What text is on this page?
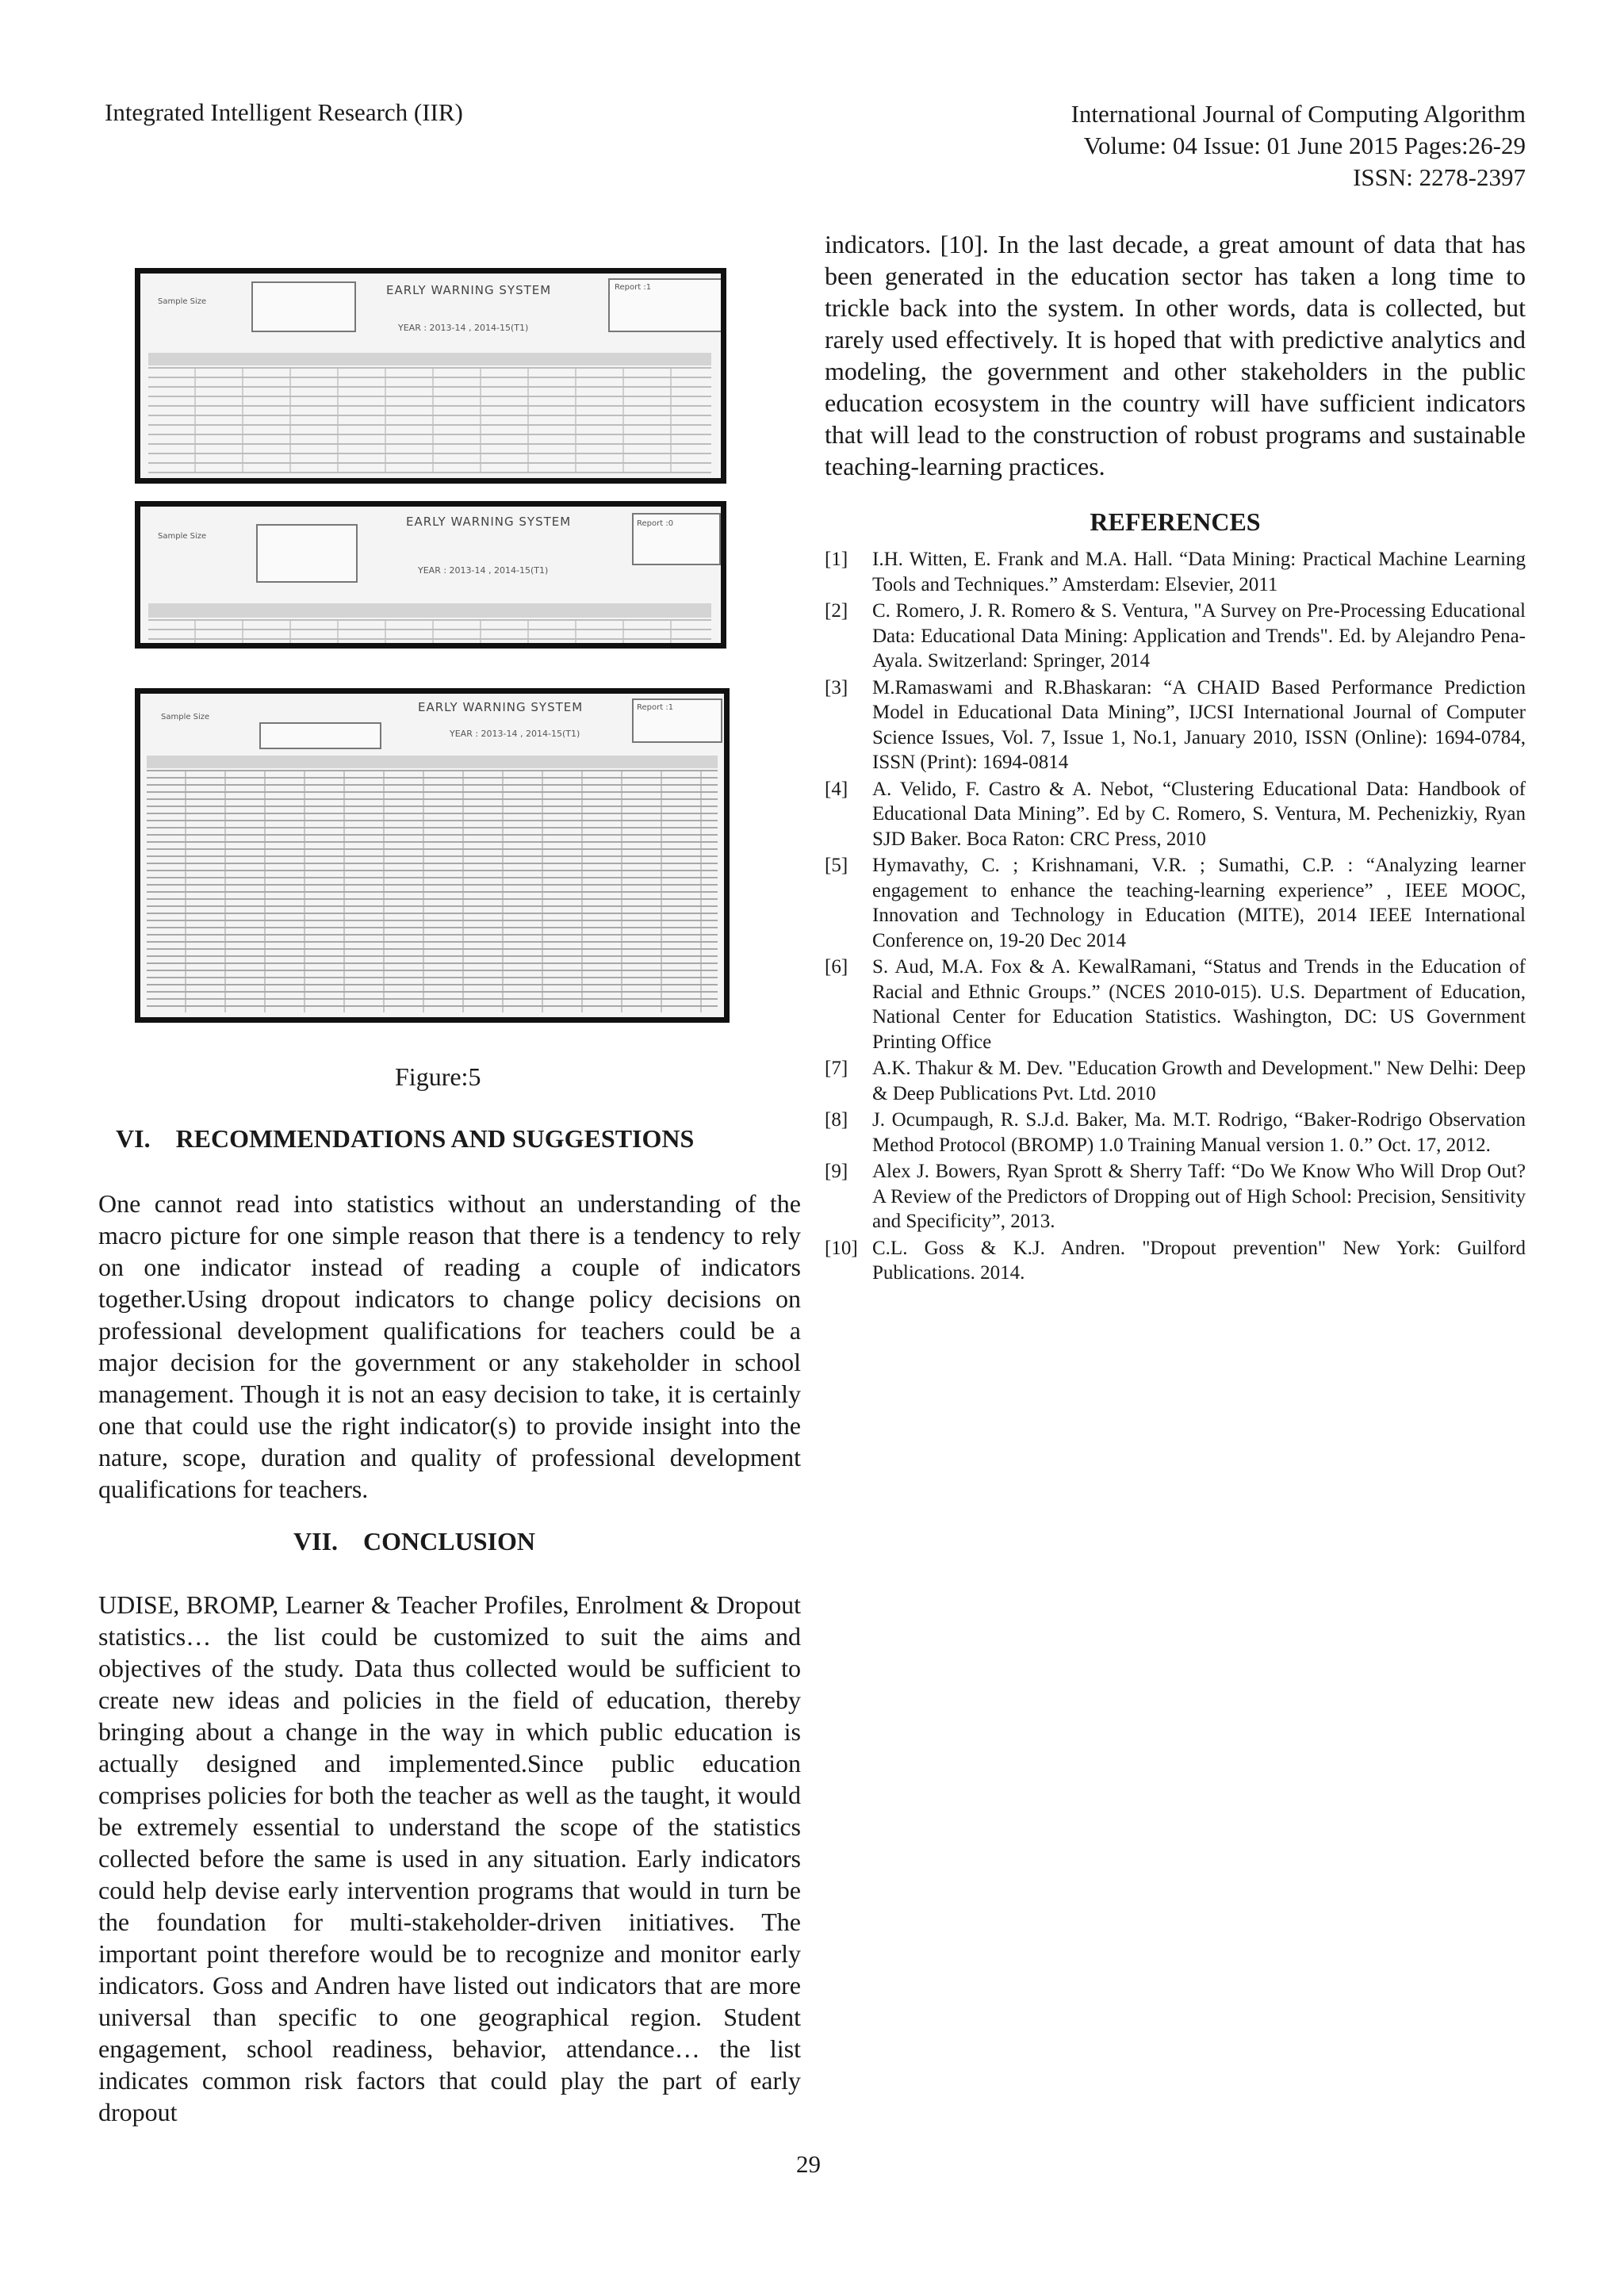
Integrated Intelligent Research (IIR)	International Journal of Computing Algorithm
Volume: 04 Issue: 01 June 2015 Pages:26-29
ISSN: 2278-2397
Sample Size
EARLY WARNING SYSTEM
YEAR : 2013-14 , 2014-15(T1)
Report :1
Sample Size
EARLY WARNING SYSTEM
YEAR : 2013-14 , 2014-15(T1)
Report :0
Sample Size
EARLY WARNING SYSTEM
YEAR : 2013-14 , 2014-15(T1)
Report :1
Figure:5
VI.    RECOMMENDATIONS AND SUGGESTIONS
One cannot read into statistics without an understanding of the macro picture for one simple reason that there is a tendency to rely on one indicator instead of reading a couple of indicators together.Using dropout indicators to change policy decisions on professional development qualifications for teachers could be a major decision for the government or any stakeholder in school management. Though it is not an easy decision to take, it is certainly one that could use the right indicator(s) to provide insight into the nature, scope, duration and quality of professional development qualifications for teachers.
VII.    CONCLUSION
UDISE, BROMP, Learner & Teacher Profiles, Enrolment & Dropout statistics… the list could be customized to suit the aims and objectives of the study. Data thus collected would be sufficient to create new ideas and policies in the field of education, thereby bringing about a change in the way in which public education is actually designed and implemented.Since public education comprises policies for both the teacher as well as the taught, it would be extremely essential to understand the scope of the statistics collected before the same is used in any situation. Early indicators could help devise early intervention programs that would in turn be the foundation for multi-stakeholder-driven initiatives. The important point therefore would be to recognize and monitor early indicators. Goss and Andren have listed out indicators that are more universal than specific to one geographical region. Student engagement, school readiness, behavior, attendance… the list indicates common risk factors that could play the part of early dropout
indicators. [10]. In the last decade, a great amount of data that has been generated in the education sector has taken a long time to trickle back into the system. In other words, data is collected, but rarely used effectively. It is hoped that with predictive analytics and modeling, the government and other stakeholders in the public education ecosystem in the country will have sufficient indicators that will lead to the construction of robust programs and sustainable teaching-learning practices.
REFERENCES
[1]	I.H. Witten, E. Frank and M.A. Hall. “Data Mining: Practical Machine Learning Tools and Techniques.” Amsterdam: Elsevier, 2011
[2]	C. Romero, J. R. Romero & S. Ventura, "A Survey on Pre-Processing Educational Data: Educational Data Mining: Application and Trends". Ed. by Alejandro Pena-Ayala. Switzerland: Springer, 2014
[3]	M.Ramaswami and R.Bhaskaran: “A CHAID Based Performance Prediction Model in Educational Data Mining”, IJCSI International Journal of Computer Science Issues, Vol. 7, Issue 1, No.1, January 2010, ISSN (Online): 1694-0784, ISSN (Print): 1694-0814
[4]	A. Velido, F. Castro & A. Nebot, “Clustering Educational Data: Handbook of Educational Data Mining”. Ed by C. Romero, S. Ventura, M. Pechenizkiy, Ryan SJD Baker. Boca Raton: CRC Press, 2010
[5]	Hymavathy, C. ; Krishnamani, V.R. ; Sumathi, C.P. : “Analyzing learner engagement to enhance the teaching-learning experience” , IEEE MOOC, Innovation and Technology in Education (MITE), 2014 IEEE International Conference on, 19-20 Dec 2014
[6]	S. Aud, M.A. Fox & A. KewalRamani, “Status and Trends in the Education of Racial and Ethnic Groups.” (NCES 2010-015). U.S. Department of Education, National Center for Education Statistics. Washington, DC: US Government Printing Office
[7]	A.K. Thakur & M. Dev. "Education Growth and Development." New Delhi: Deep & Deep Publications Pvt. Ltd. 2010
[8]	J. Ocumpaugh, R. S.J.d. Baker, Ma. M.T. Rodrigo, “Baker-Rodrigo Observation Method Protocol (BROMP) 1.0 Training Manual version 1. 0.” Oct. 17, 2012.
[9]	Alex J. Bowers, Ryan Sprott & Sherry Taff: “Do We Know Who Will Drop Out? A Review of the Predictors of Dropping out of High School: Precision, Sensitivity and Specificity”, 2013.
[10] C.L. Goss & K.J. Andren. "Dropout prevention" New York: Guilford Publications. 2014.
29
